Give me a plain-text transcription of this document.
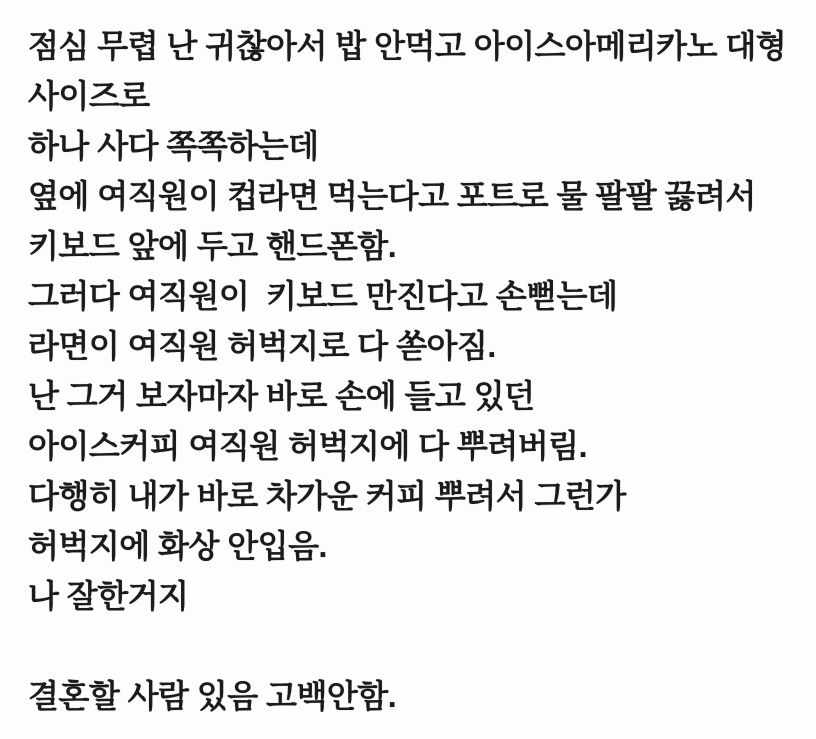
점심 무렵 난 귀찮아서 밥 안먹고 아이스아메리카노 대형
사이즈로
하나 사다 쪽쪽하는데
옆에 여직원이 컵라면 먹는다고 포트로 물 팔팔 끓려서
키보드 앞에 두고 핸드폰함.
그러다 여직원이  키보드 만진다고 손뻗는데
라면이 여직원 허벅지로 다 쏟아짐.
난 그거 보자마자 바로 손에 들고 있던
아이스커피 여직원 허벅지에 다 뿌려버림.
다행히 내가 바로 차가운 커피 뿌려서 그런가
허벅지에 화상 안입음.
나 잘한거지
결혼할 사람 있음 고백안함.
